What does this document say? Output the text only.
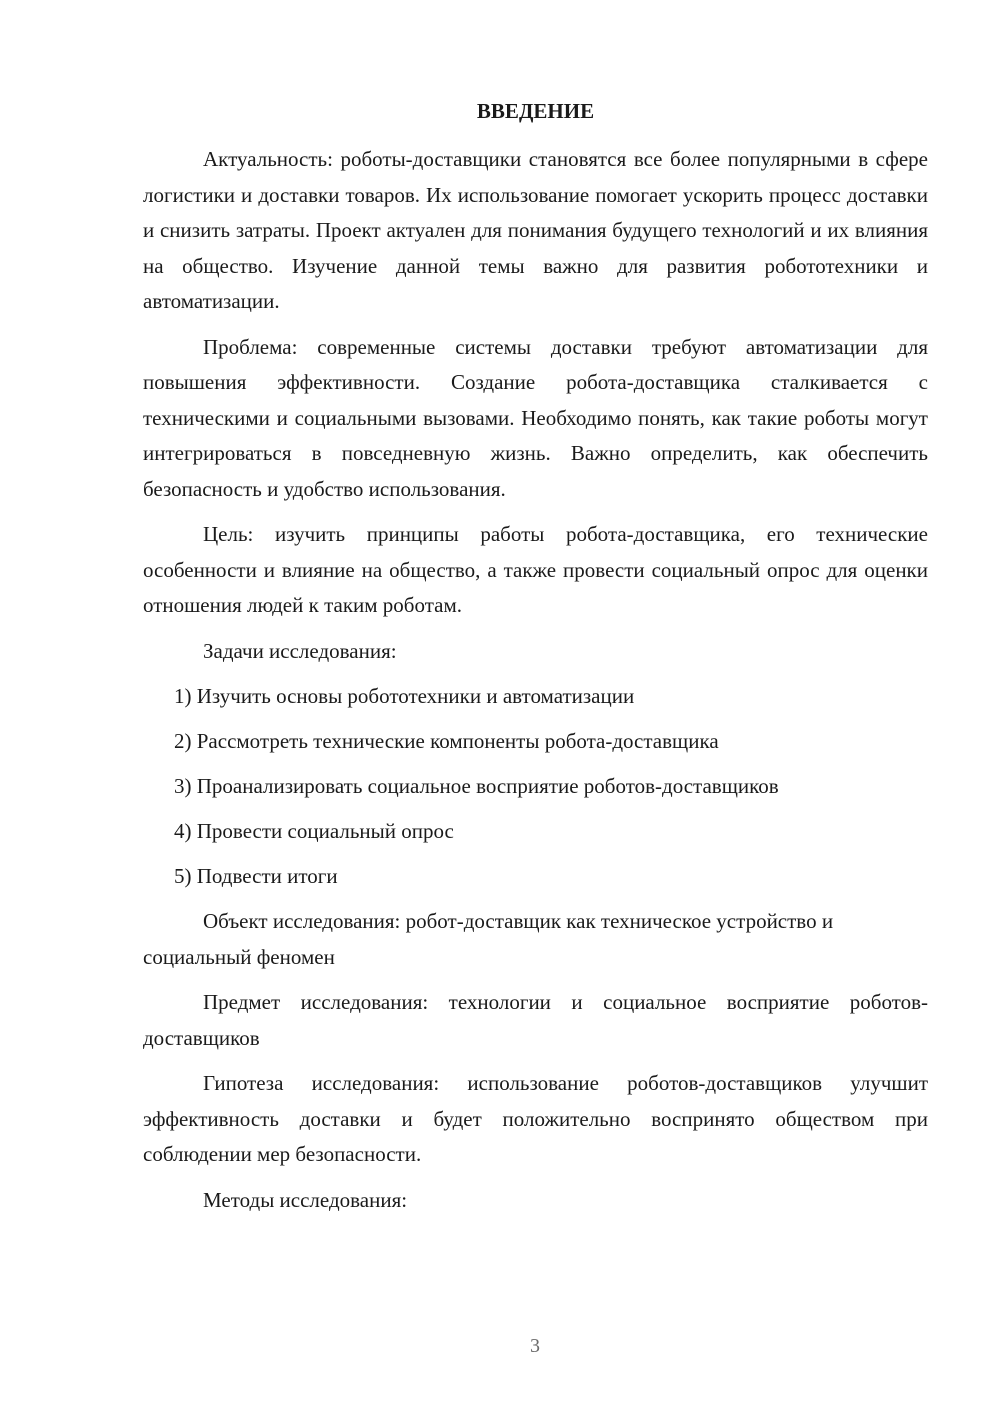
ВВЕДЕНИЕ

Актуальность: роботы-доставщики становятся все более популярными в сфере логистики и доставки товаров. Их использование помогает ускорить процесс доставки и снизить затраты. Проект актуален для понимания будущего технологий и их влияния на общество. Изучение данной темы важно для развития робототехники и автоматизации.

Проблема: современные системы доставки требуют автоматизации для повышения эффективности. Создание робота-доставщика сталкивается с техническими и социальными вызовами. Необходимо понять, как такие роботы могут интегрироваться в повседневную жизнь. Важно определить, как обеспечить безопасность и удобство использования.

Цель: изучить принципы работы робота-доставщика, его технические особенности и влияние на общество, а также провести социальный опрос для оценки отношения людей к таким роботам.

Задачи исследования:

1) Изучить основы робототехники и автоматизации
2) Рассмотреть технические компоненты робота-доставщика
3) Проанализировать социальное восприятие роботов-доставщиков
4) Провести социальный опрос
5) Подвести итоги

Объект исследования: робот-доставщик как техническое устройство и социальный феномен

Предмет исследования: технологии и социальное восприятие роботов-доставщиков

Гипотеза исследования: использование роботов-доставщиков улучшит эффективность доставки и будет положительно воспринято обществом при соблюдении мер безопасности.

Методы исследования:

3
